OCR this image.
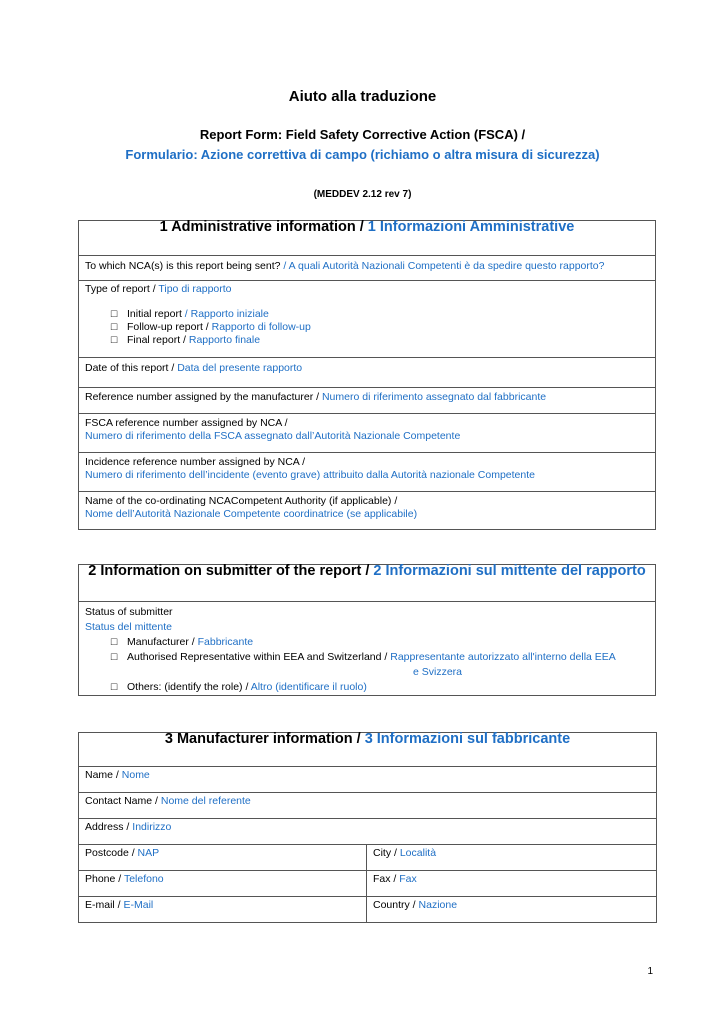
Aiuto alla traduzione
Report Form: Field Safety Corrective Action (FSCA) /
Formulario: Azione correttiva di campo (richiamo o altra misura di sicurezza)
(MEDDEV 2.12 rev 7)
1 Administrative information / 1 Informazioni Amministrative
To which NCA(s) is this report being sent? / A quali Autorità Nazionali Competenti è da spedire questo rapporto?

Type of report / Tipo di rapporto
□ Initial report / Rapporto iniziale
□ Follow-up report / Rapporto di follow-up
□ Final report / Rapporto finale

Date of this report / Data del presente rapporto
Reference number assigned by the manufacturer / Numero di riferimento assegnato dal fabbricante

FSCA reference number assigned by NCA /
Numero di riferimento della FSCA assegnato dall’Autorità Nazionale Competente

Incidence reference number assigned by NCA /
Numero di riferimento dell’incidente (evento grave) attribuito dalla Autorità nazionale Competente

Name of the co-ordinating NCACompetent Authority (if applicable) /
Nome dell’Autorità Nazionale Competente coordinatrice (se applicabile)
2 Information on submitter of the report / 2 Informazioni sul mittente del rapporto

Status of submitter
Status del mittente
□ Manufacturer / Fabbricante
□ Authorised Representative within EEA and Switzerland / Rappresentante autorizzato all'interno della EEA
e Svizzera
□ Others: (identify the role) / Altro (identificare il ruolo)
3 Manufacturer information / 3 Informazioni sul fabbricante	
Name / Nome	
Contact Name / Nome del referente	
Address / Indirizzo	
Postcode / NAP	City / Località
Phone / Telefono	Fax / Fax
E-mail / E-Mail	Country / Nazione
1
